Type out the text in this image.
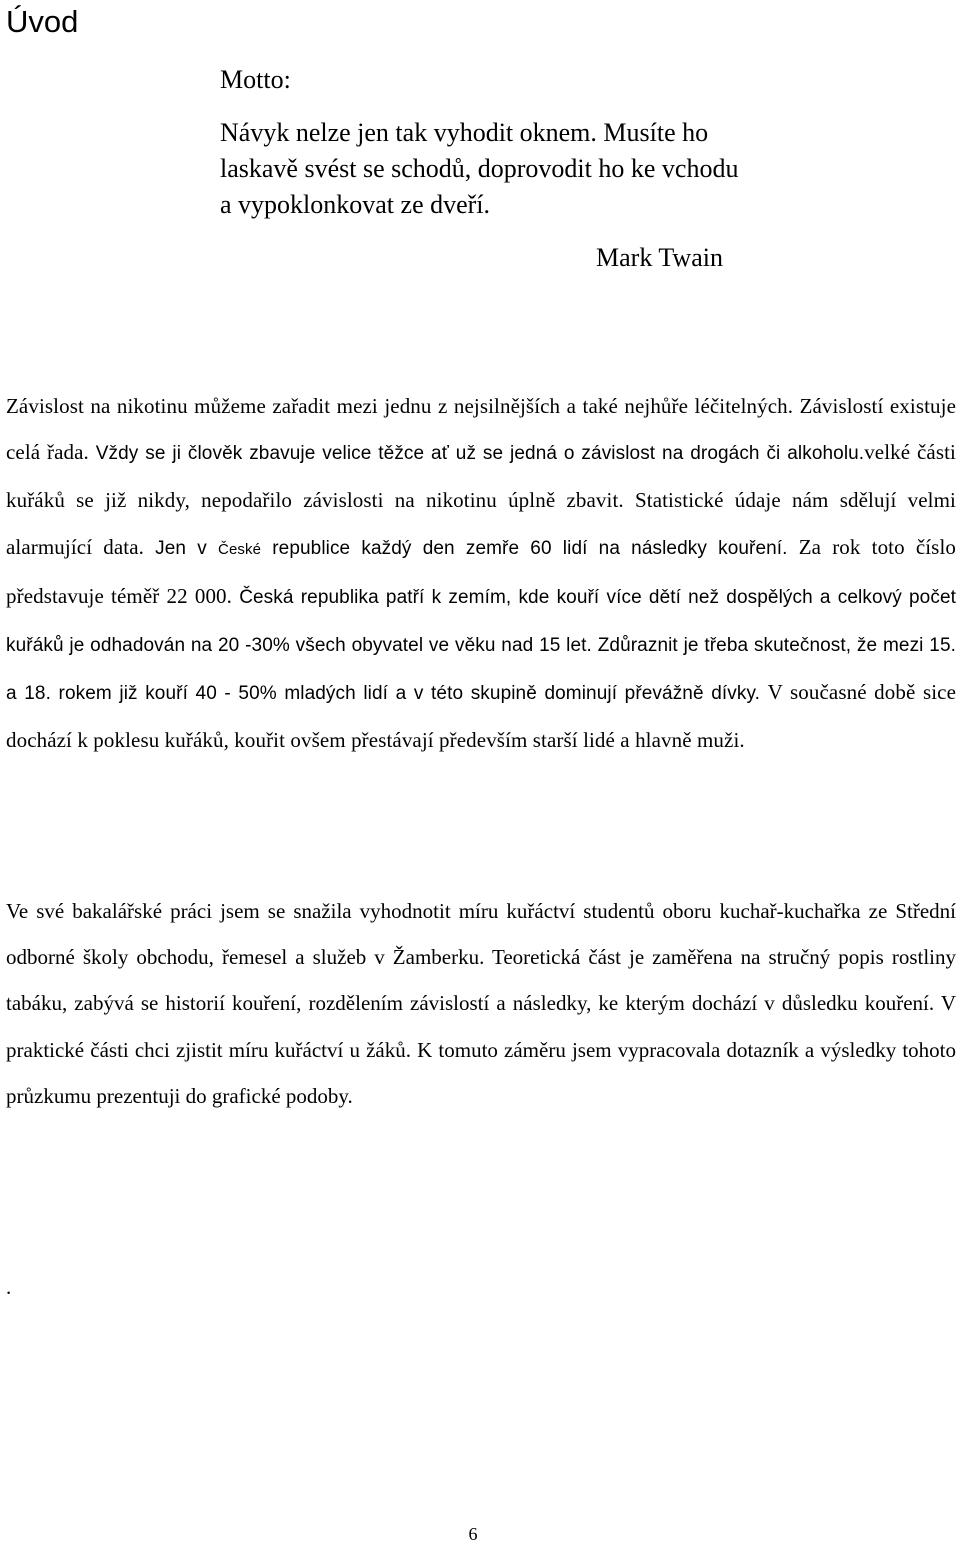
Úvod
Motto:
Návyk nelze jen tak vyhodit oknem. Musíte ho
laskavě svést se schodů, doprovodit ho ke vchodu
a vypoklonkovat ze dveří.
Mark Twain

Závislost na nikotinu můžeme zařadit mezi jednu z nejsilnějších a také nejhůře léčitelných. Závislostí existuje celá řada. Vždy se ji člověk zbavuje velice těžce ať už se jedná o závislost na drogách či alkoholu.velké části kuřáků se již nikdy, nepodařilo závislosti na nikotinu úplně zbavit. Statistické údaje nám sdělují velmi alarmující data. Jen v České republice každý den zemře 60 lidí na následky kouření. Za rok toto číslo představuje téměř 22 000. Česká republika patří k zemím, kde kouří více dětí než dospělých a celkový počet kuřáků je odhadován na 20 -30% všech obyvatel ve věku nad 15 let. Zdůraznit je třeba skutečnost, že mezi 15. a 18. rokem již kouří 40 - 50% mladých lidí a v této skupině dominují převážně dívky. V současné době sice dochází k poklesu kuřáků, kouřit ovšem přestávají především starší lidé a hlavně muži.

Ve své bakalářské práci jsem se snažila vyhodnotit míru kuřáctví studentů oboru kuchař-kuchařka ze Střední odborné školy obchodu, řemesel a služeb v Žamberku. Teoretická část je zaměřena na stručný popis rostliny tabáku, zabývá se historií kouření, rozdělením závislostí a následky, ke kterým dochází v důsledku kouření. V praktické části chci zjistit míru kuřáctví u žáků. K tomuto záměru jsem vypracovala dotazník a výsledky tohoto průzkumu prezentuji do grafické podoby.

.

6
